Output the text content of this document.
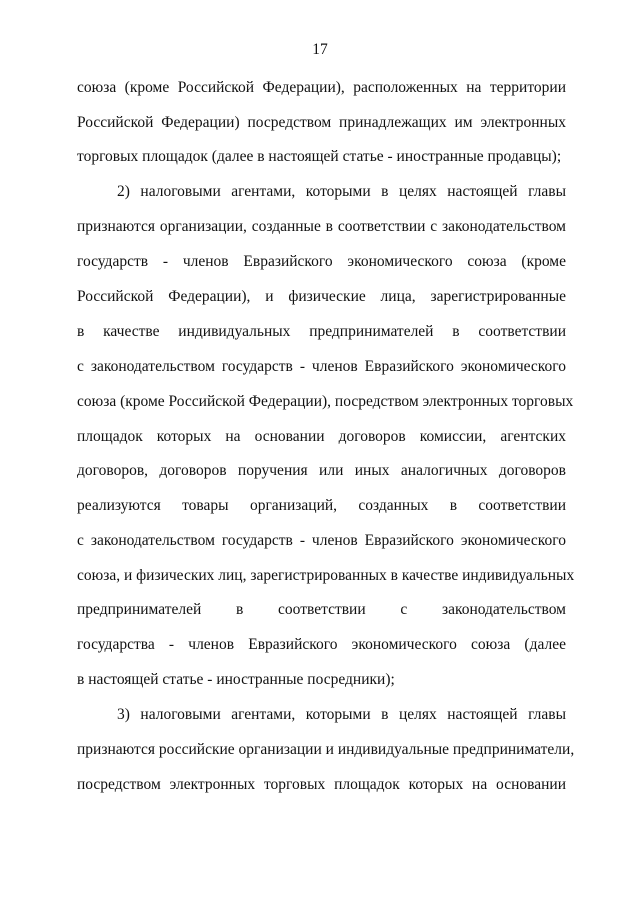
17
союза (кроме Российской Федерации), расположенных на территории
Российской Федерации) посредством принадлежащих им электронных
торговых площадок (далее в настоящей статье - иностранные продавцы);
2) налоговыми агентами, которыми в целях настоящей главы
признаются организации, созданные в соответствии с законодательством
государств - членов Евразийского экономического союза (кроме
Российской Федерации), и физические лица, зарегистрированные
в качестве индивидуальных предпринимателей в соответствии
с законодательством государств - членов Евразийского экономического
союза (кроме Российской Федерации), посредством электронных торговых
площадок которых на основании договоров комиссии, агентских
договоров, договоров поручения или иных аналогичных договоров
реализуются товары организаций, созданных в соответствии
с законодательством государств - членов Евразийского экономического
союза, и физических лиц, зарегистрированных в качестве индивидуальных
предпринимателей в соответствии с законодательством
государства - членов Евразийского экономического союза (далее
в настоящей статье - иностранные посредники);
3) налоговыми агентами, которыми в целях настоящей главы
признаются российские организации и индивидуальные предприниматели,
посредством электронных торговых площадок которых на основании
